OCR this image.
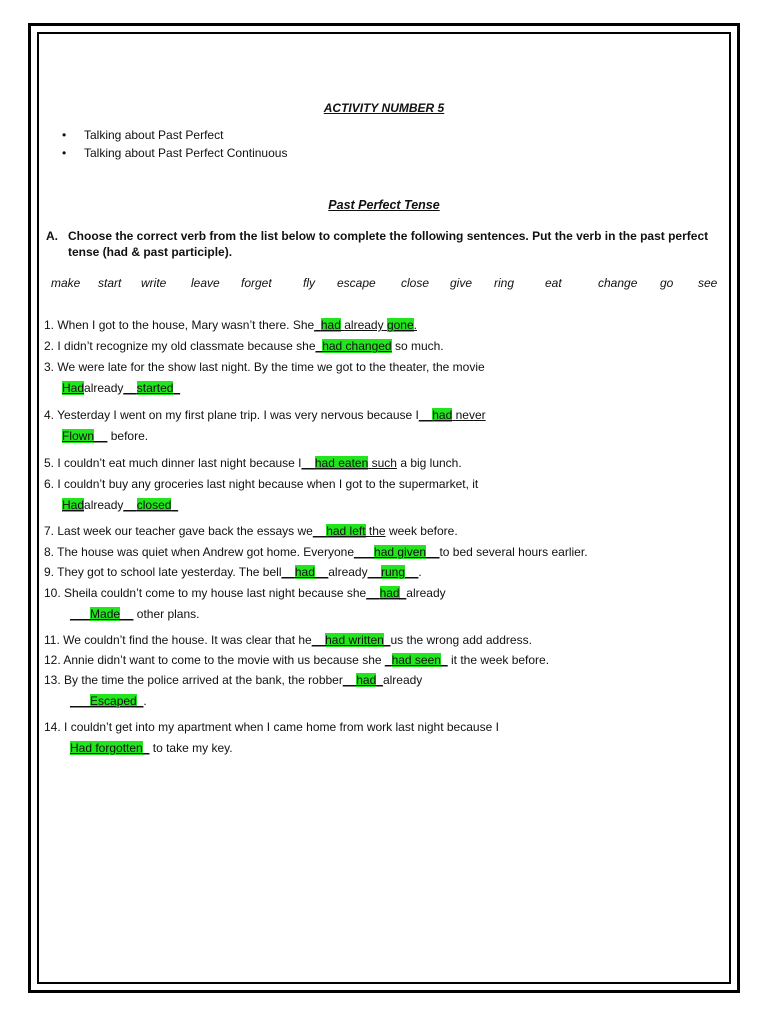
ACTIVITY NUMBER 5
• Talking about Past Perfect
• Talking about Past Perfect Continuous
Past Perfect Tense
A. Choose the correct verb from the list below to complete the following sentences. Put the verb in the past perfect tense (had & past participle).
make start write leave forget	fly escape close give ring	eat	change go see
1. When I got to the house, Mary wasn’t there. She_had already gone.
2. I didn’t recognize my old classmate because she_had changed so much.
3. We were late for the show last night. By the time we got to the theater, the movie
Hadalready__started_
4. Yesterday I went on my first plane trip. I was very nervous because I__had never
Flown__ before.
5. I couldn’t eat much dinner last night because I__had eaten such a big lunch.
6. I couldn’t buy any groceries last night because when I got to the supermarket, it
Hadalready__closed_
7. Last week our teacher gave back the essays we__had left the week before.
8. The house was quiet when Andrew got home. Everyone___had given__to bed several hours earlier.
9. They got to school late yesterday. The bell__had__already__rung__.
10. Sheila couldn’t come to my house last night because she__had_already
___Made__ other plans.
11. We couldn’t find the house. It was clear that he__had written_us the wrong add address.
12. Annie didn’t want to come to the movie with us because she _had seen_ it the week before.
13. By the time the police arrived at the bank, the robber__had_already
___Escaped_.
14. I couldn’t get into my apartment when I came home from work last night because I
Had forgotten_ to take my key.
